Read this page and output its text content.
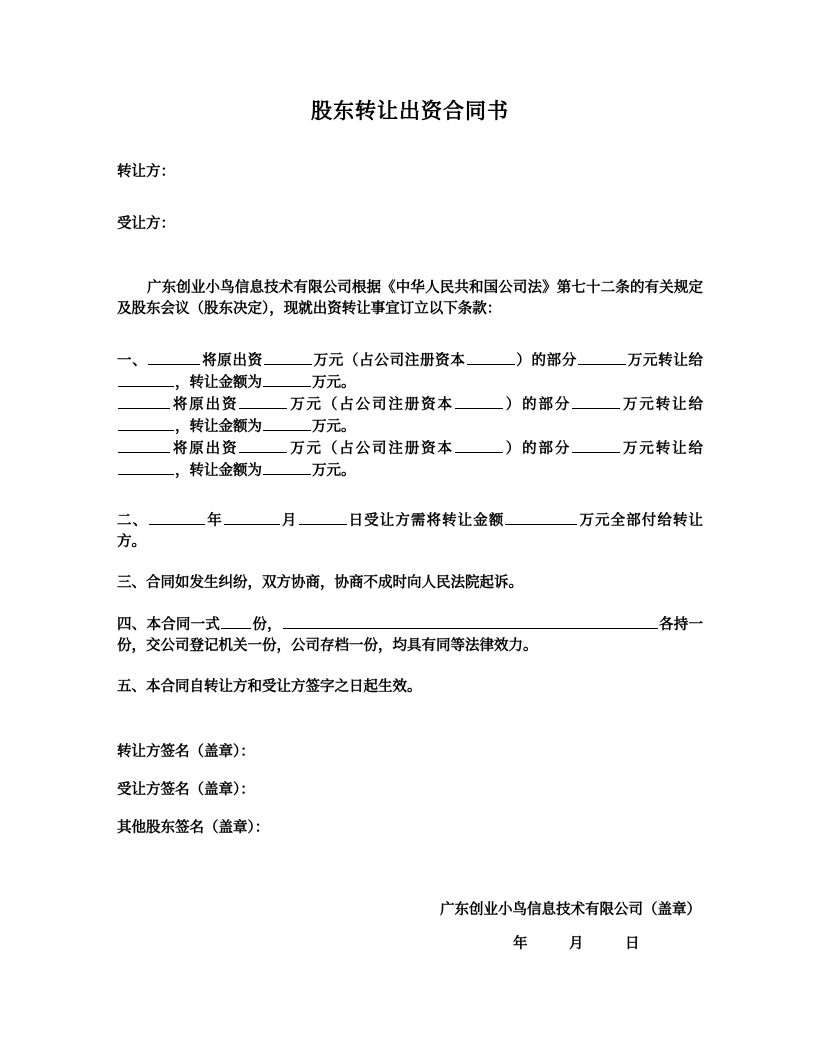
股东转让出资合同书

转让方：

受让方：

广东创业小鸟信息技术有限公司根据《中华人民共和国公司法》第七十二条的有关规定及股东会议（股东决定），现就出资转让事宜订立以下条款：

一、	将原出资	万元（占公司注册资本	）的部分	万元转让给，转让金额为	万元。

将原出资	万元（占公司注册资本	）的部分	万元转让给，转让金额为	万元。

将原出资	万元（占公司注册资本	）的部分	万元转让给，转让金额为	万元。

二、	年	月	日受让方需将转让金额	万元全部付给转让方。

三、合同如发生纠纷，双方协商，协商不成时向人民法院起诉。

四、本合同一式 份，	各持一份，交公司登记机关一份，公司存档一份，均具有同等法律效力。

五、本合同自转让方和受让方签字之日起生效。

转让方签名（盖章）：

受让方签名（盖章）：

其他股东签名（盖章）：

广东创业小鸟信息技术有限公司（盖章）

年	月	日
